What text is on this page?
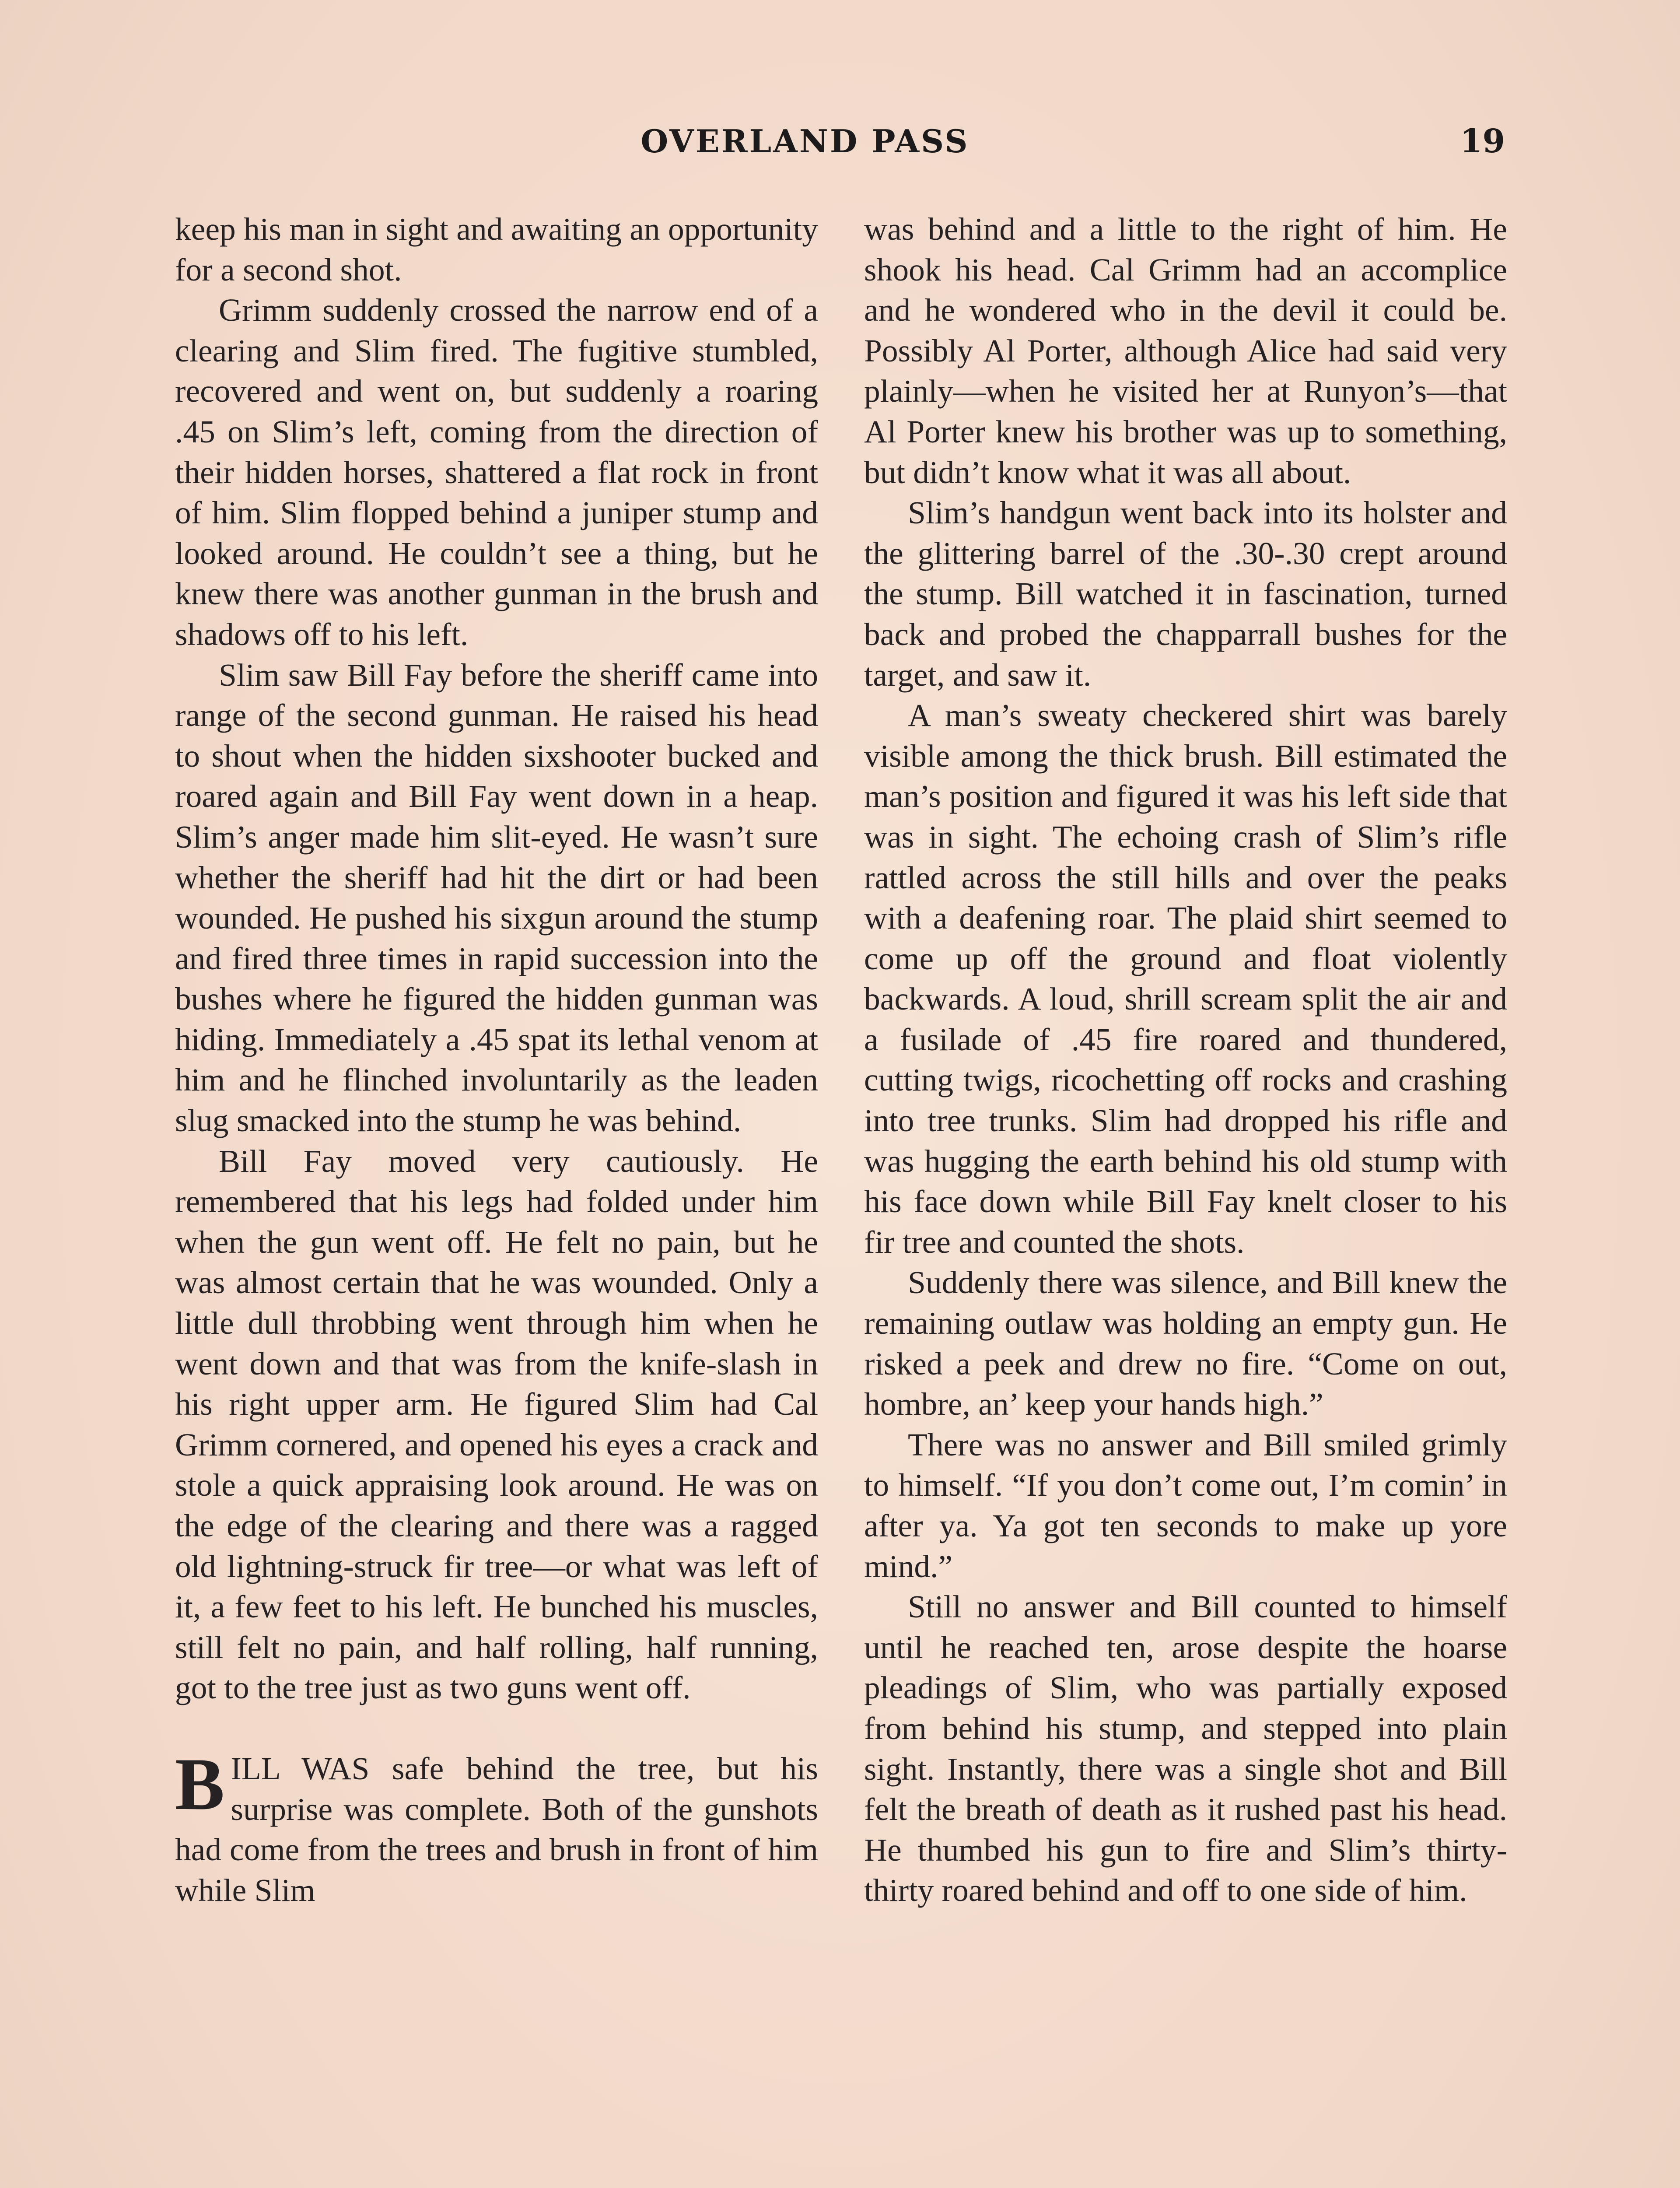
OVERLAND PASS	19

keep his man in sight and awaiting an opportunity for a second shot.

Grimm suddenly crossed the narrow end of a clearing and Slim fired. The fugitive stumbled, recovered and went on, but suddenly a roaring .45 on Slim’s left, coming from the direction of their hidden horses, shattered a flat rock in front of him. Slim flopped behind a juniper stump and looked around. He couldn’t see a thing, but he knew there was another gunman in the brush and shadows off to his left.

Slim saw Bill Fay before the sheriff came into range of the second gunman. He raised his head to shout when the hidden sixshooter bucked and roared again and Bill Fay went down in a heap. Slim’s anger made him slit-eyed. He wasn’t sure whether the sheriff had hit the dirt or had been wounded. He pushed his sixgun around the stump and fired three times in rapid succession into the bushes where he figured the hidden gunman was hiding. Immediately a .45 spat its lethal venom at him and he flinched involuntarily as the leaden slug smacked into the stump he was behind.

Bill Fay moved very cautiously. He remembered that his legs had folded under him when the gun went off. He felt no pain, but he was almost certain that he was wounded. Only a little dull throbbing went through him when he went down and that was from the knife-slash in his right upper arm. He figured Slim had Cal Grimm cornered, and opened his eyes a crack and stole a quick appraising look around. He was on the edge of the clearing and there was a ragged old lightning-struck fir tree—or what was left of it, a few feet to his left. He bunched his muscles, still felt no pain, and half rolling, half running, got to the tree just as two guns went off.

BILL WAS safe behind the tree, but his surprise was complete. Both of the gunshots had come from the trees and brush in front of him while Slim

was behind and a little to the right of him. He shook his head. Cal Grimm had an accomplice and he wondered who in the devil it could be. Possibly Al Porter, although Alice had said very plainly—when he visited her at Runyon’s—that Al Porter knew his brother was up to something, but didn’t know what it was all about.

Slim’s handgun went back into its holster and the glittering barrel of the .30-.30 crept around the stump. Bill watched it in fascination, turned back and probed the chapparrall bushes for the target, and saw it.

A man’s sweaty checkered shirt was barely visible among the thick brush. Bill estimated the man’s position and figured it was his left side that was in sight. The echoing crash of Slim’s rifle rattled across the still hills and over the peaks with a deafening roar. The plaid shirt seemed to come up off the ground and float violently backwards. A loud, shrill scream split the air and a fusilade of .45 fire roared and thundered, cutting twigs, ricochetting off rocks and crashing into tree trunks. Slim had dropped his rifle and was hugging the earth behind his old stump with his face down while Bill Fay knelt closer to his fir tree and counted the shots.

Suddenly there was silence, and Bill knew the remaining outlaw was holding an empty gun. He risked a peek and drew no fire. “Come on out, hombre, an’ keep your hands high.”

There was no answer and Bill smiled grimly to himself. “If you don’t come out, I’m comin’ in after ya. Ya got ten seconds to make up yore mind.”

Still no answer and Bill counted to himself until he reached ten, arose despite the hoarse pleadings of Slim, who was partially exposed from behind his stump, and stepped into plain sight. Instantly, there was a single shot and Bill felt the breath of death as it rushed past his head. He thumbed his gun to fire and Slim’s thirty-thirty roared behind and off to one side of him.
